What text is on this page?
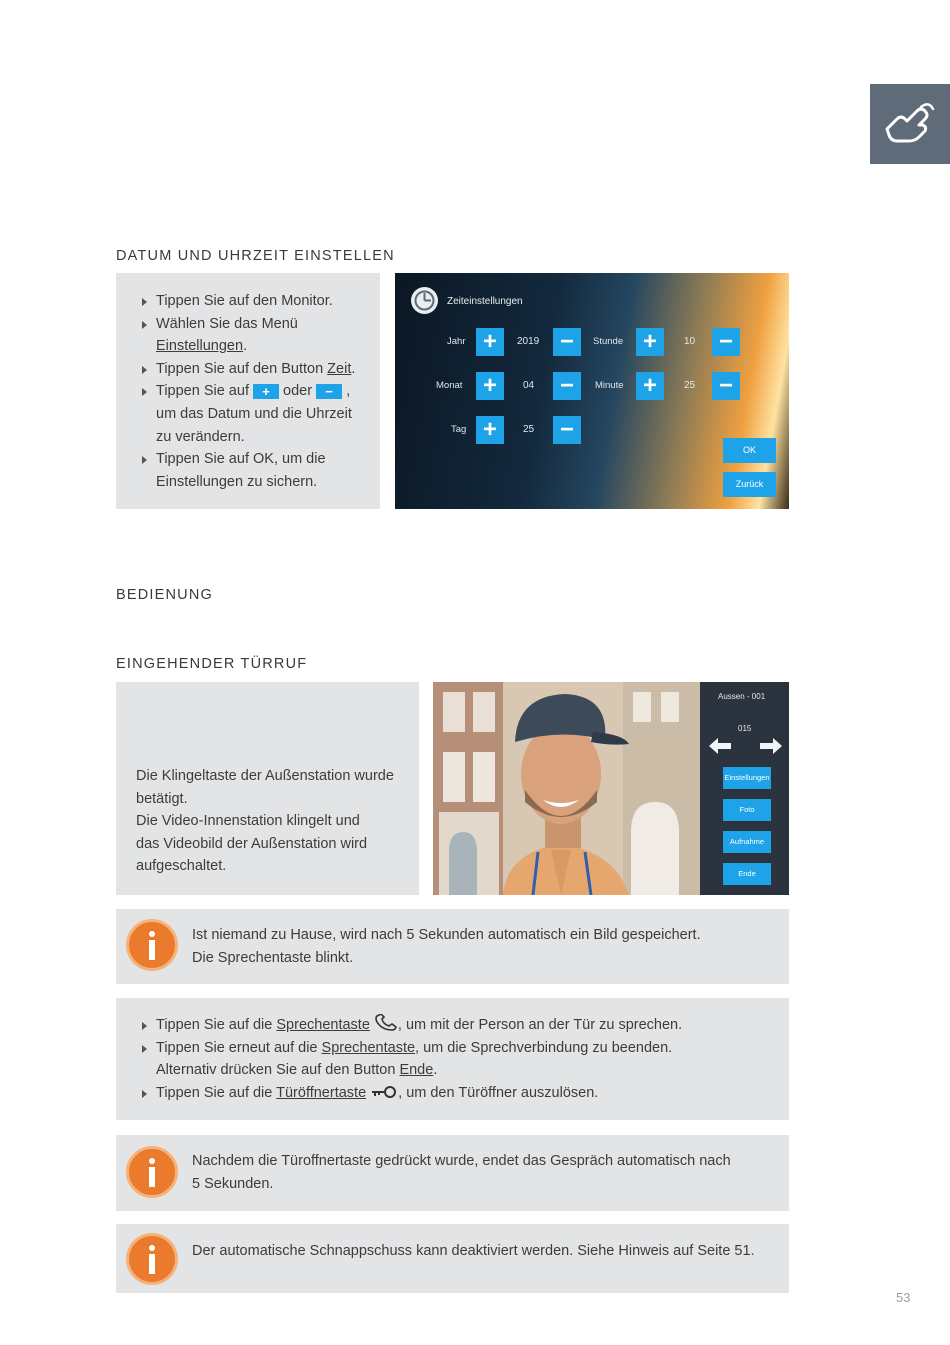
DATUM UND UHRZEIT EINSTELLEN
Tippen Sie auf den Monitor.
Wählen Sie das Menü
Einstellungen.
Tippen Sie auf den Button Zeit.
Tippen Sie auf + oder − ,
um das Datum und die Uhrzeit
zu verändern.
Tippen Sie auf OK, um die
Einstellungen zu sichern.
Zeiteinstellungen
Jahr +	2019 −	Stunde +	10 −
Monat +	04 −	Minute +	25 −
Tag +	25 −
OK
Zurück
BEDIENUNG
EINGEHENDER TÜRRUF
Die Klingeltaste der Außenstation wurde
betätigt.
Die Video-Innenstation klingelt und
das Videobild der Außenstation wird
aufgeschaltet.
Aussen - 001
015
Einstellungen
Foto
Aufnahme
Ende
Ist niemand zu Hause, wird nach 5 Sekunden automatisch ein Bild gespeichert.
Die Sprechentaste blinkt.
Tippen Sie auf die Sprechentaste , um mit der Person an der Tür zu sprechen.
Tippen Sie erneut auf die Sprechentaste, um die Sprechverbindung zu beenden.
Alternativ drücken Sie auf den Button Ende.
Tippen Sie auf die Türöffnertaste , um den Türöffner auszulösen.
Nachdem die Türoffnertaste gedrückt wurde, endet das Gespräch automatisch nach
5 Sekunden.
Der automatische Schnappschuss kann deaktiviert werden. Siehe Hinweis auf Seite 51.
53
